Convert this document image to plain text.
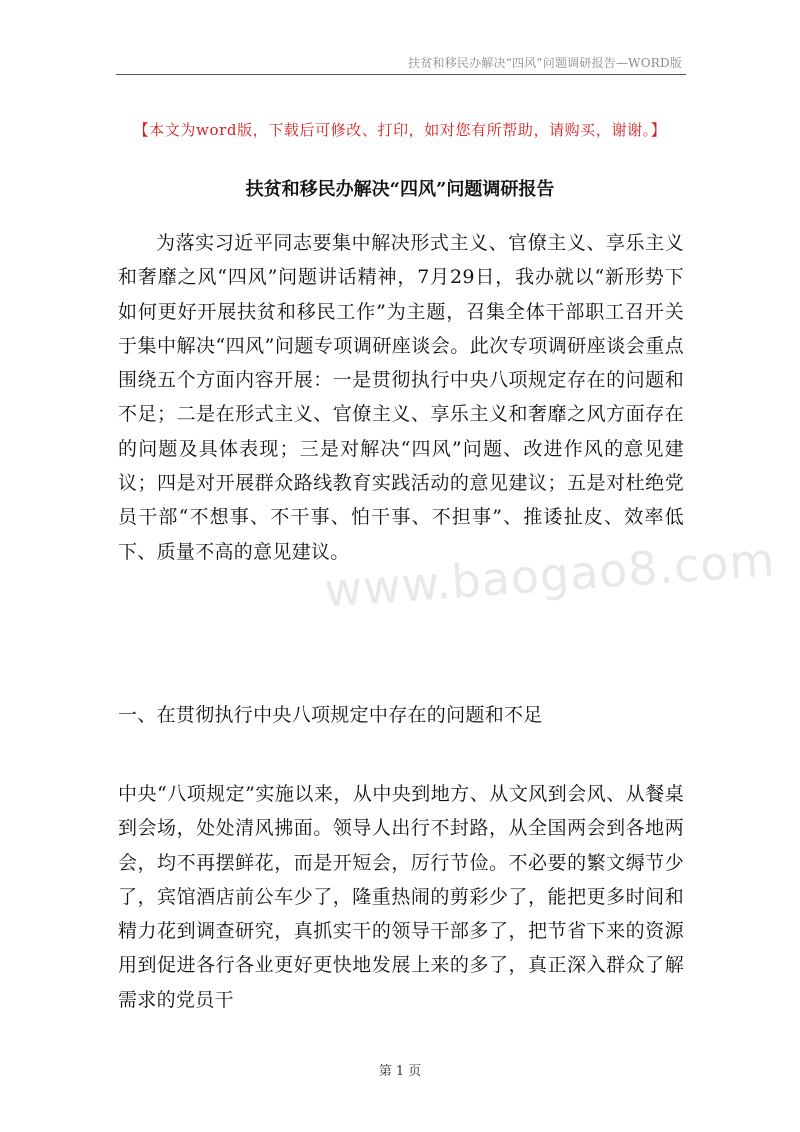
扶贫和移民办解决“四风”问题调研报告—WORD版
【本文为word版，下载后可修改、打印，如对您有所帮助，请购买，谢谢。】
扶贫和移民办解决“四风”问题调研报告

为落实习近平同志要集中解决形式主义、官僚主义、享乐主义和奢靡之风“四风”问题讲话精神，7月29日，我办就以“新形势下如何更好开展扶贫和移民工作”为主题，召集全体干部职工召开关于集中解决“四风”问题专项调研座谈会。此次专项调研座谈会重点围绕五个方面内容开展：一是贯彻执行中央八项规定存在的问题和不足；二是在形式主义、官僚主义、享乐主义和奢靡之风方面存在的问题及具体表现；三是对解决“四风”问题、改进作风的意见建议；四是对开展群众路线教育实践活动的意见建议；五是对杜绝党员干部“不想事、不干事、怕干事、不担事”、推诿扯皮、效率低下、质量不高的意见建议。

www.baogao8.com
一、在贯彻执行中央八项规定中存在的问题和不足

中央“八项规定”实施以来，从中央到地方、从文风到会风、从餐桌到会场，处处清风拂面。领导人出行不封路，从全国两会到各地两会，均不再摆鲜花，而是开短会，厉行节俭。不必要的繁文缛节少了，宾馆酒店前公车少了，隆重热闹的剪彩少了，能把更多时间和精力花到调查研究，真抓实干的领导干部多了，把节省下来的资源用到促进各行各业更好更快地发展上来的多了，真正深入群众了解需求的党员干

第 1 页
